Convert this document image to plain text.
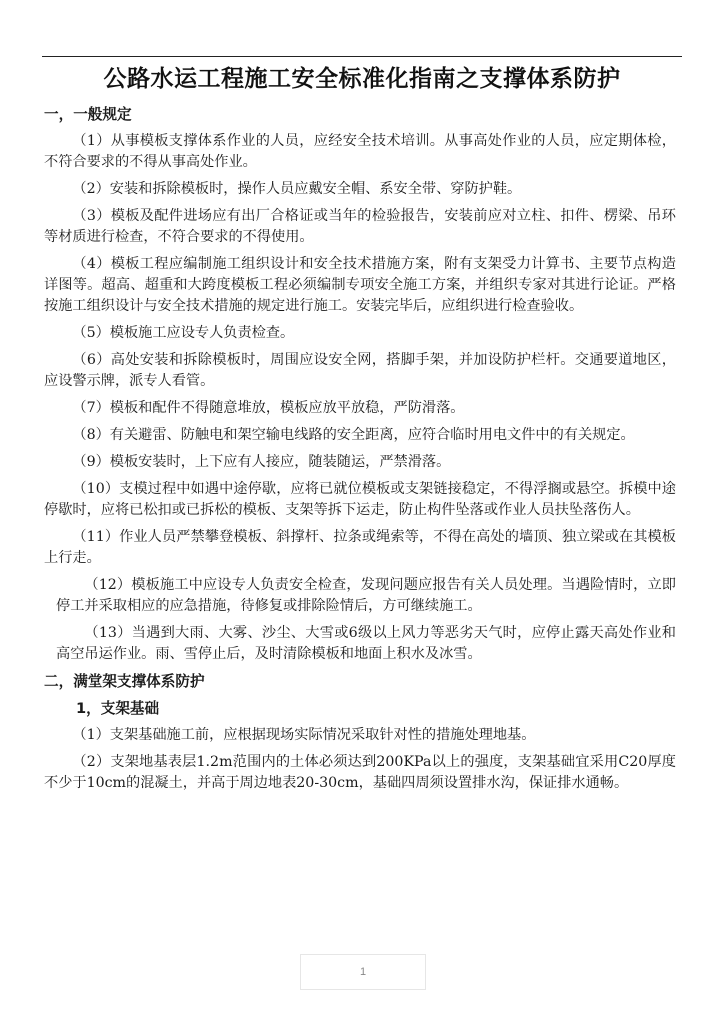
公路水运工程施工安全标准化指南之支撑体系防护
一，一般规定

（1）从事模板支撑体系作业的人员，应经安全技术培训。从事高处作业的人员，应定期体检，不符合要求的不得从事高处作业。

（2）安装和拆除模板时，操作人员应戴安全帽、系安全带、穿防护鞋。

（3）模板及配件进场应有出厂合格证或当年的检验报告，安装前应对立柱、扣件、楞梁、吊环等材质进行检查，不符合要求的不得使用。

（4）模板工程应编制施工组织设计和安全技术措施方案，附有支架受力计算书、主要节点构造详图等。超高、超重和大跨度模板工程必须编制专项安全施工方案，并组织专家对其进行论证。严格按施工组织设计与安全技术措施的规定进行施工。安装完毕后，应组织进行检查验收。

（5）模板施工应设专人负责检查。

（6）高处安装和拆除模板时，周围应设安全网，搭脚手架，并加设防护栏杆。交通要道地区，应设警示牌，派专人看管。

（7）模板和配件不得随意堆放，模板应放平放稳，严防滑落。

（8）有关避雷、防触电和架空输电线路的安全距离，应符合临时用电文件中的有关规定。

（9）模板安装时，上下应有人接应，随装随运，严禁滑落。

（10）支模过程中如遇中途停歇，应将已就位模板或支架链接稳定，不得浮搁或悬空。拆模中途停歇时，应将已松扣或已拆松的模板、支架等拆下运走，防止构件坠落或作业人员扶坠落伤人。

（11）作业人员严禁攀登模板、斜撑杆、拉条或绳索等，不得在高处的墙顶、独立梁或在其模板上行走。

（12）模板施工中应设专人负责安全检查，发现问题应报告有关人员处理。当遇险情时，立即停工并采取相应的应急措施，待修复或排除险情后，方可继续施工。

（13）当遇到大雨、大雾、沙尘、大雪或6级以上风力等恶劣天气时，应停止露天高处作业和高空吊运作业。雨、雪停止后，及时清除模板和地面上积水及冰雪。

二，满堂架支撑体系防护
1，支架基础

（1）支架基础施工前，应根据现场实际情况采取针对性的措施处理地基。

（2）支架地基表层1.2m范围内的土体必须达到200KPa以上的强度，支架基础宜采用C20厚度不少于10cm的混凝土，并高于周边地表20-30cm，基础四周须设置排水沟，保证排水通畅。

1
